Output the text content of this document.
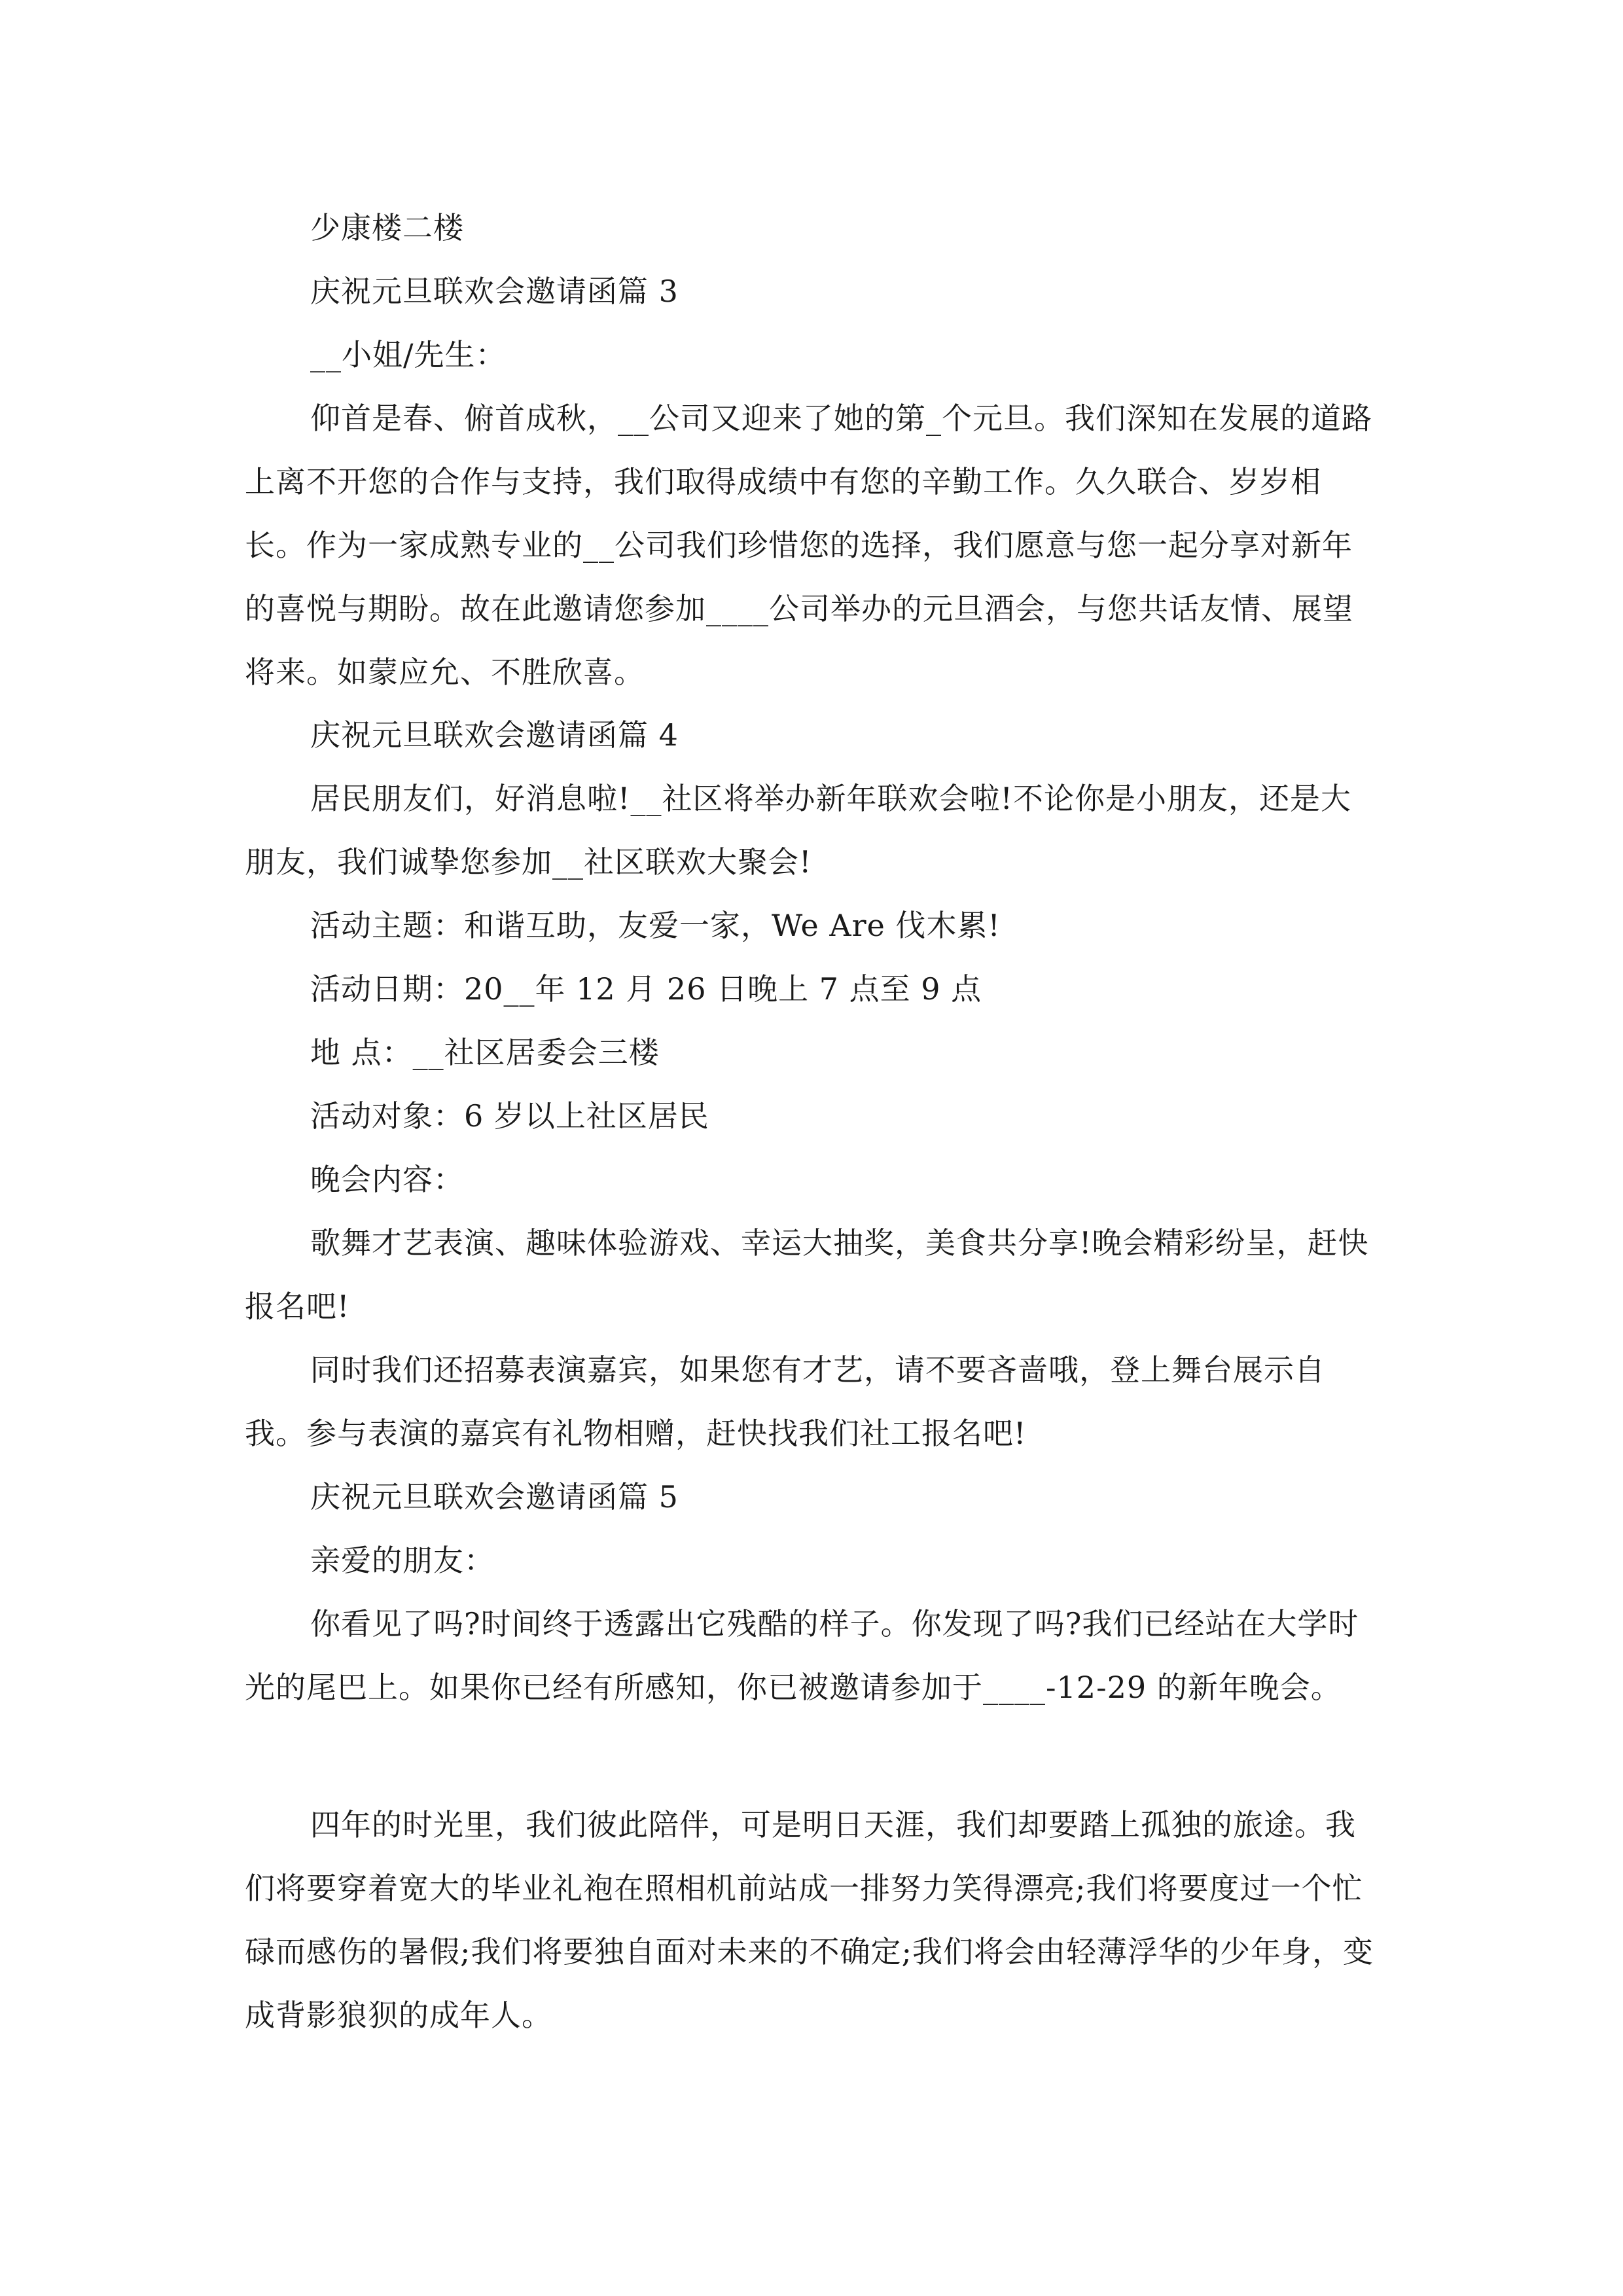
少康楼二楼

庆祝元旦联欢会邀请函篇 3

__小姐/先生：

仰首是春、俯首成秋，__公司又迎来了她的第_个元旦。我们深知在发展的道路上离不开您的合作与支持，我们取得成绩中有您的辛勤工作。久久联合、岁岁相长。作为一家成熟专业的__公司我们珍惜您的选择，我们愿意与您一起分享对新年的喜悦与期盼。故在此邀请您参加____公司举办的元旦酒会，与您共话友情、展望将来。如蒙应允、不胜欣喜。

庆祝元旦联欢会邀请函篇 4

居民朋友们，好消息啦!__社区将举办新年联欢会啦!不论你是小朋友，还是大朋友，我们诚挚您参加__社区联欢大聚会!

活动主题：和谐互助，友爱一家，We Are 伐木累!

活动日期：20__年 12 月 26 日晚上 7 点至 9 点

地 点：__社区居委会三楼

活动对象：6 岁以上社区居民

晚会内容：

歌舞才艺表演、趣味体验游戏、幸运大抽奖，美食共分享!晚会精彩纷呈，赶快报名吧!

同时我们还招募表演嘉宾，如果您有才艺，请不要吝啬哦，登上舞台展示自我。参与表演的嘉宾有礼物相赠，赶快找我们社工报名吧!

庆祝元旦联欢会邀请函篇 5

亲爱的朋友：

你看见了吗?时间终于透露出它残酷的样子。你发现了吗?我们已经站在大学时光的尾巴上。如果你已经有所感知，你已被邀请参加于____-12-29 的新年晚会。

四年的时光里，我们彼此陪伴，可是明日天涯，我们却要踏上孤独的旅途。我们将要穿着宽大的毕业礼袍在照相机前站成一排努力笑得漂亮;我们将要度过一个忙碌而感伤的暑假;我们将要独自面对未来的不确定;我们将会由轻薄浮华的少年身，变成背影狼狈的成年人。
